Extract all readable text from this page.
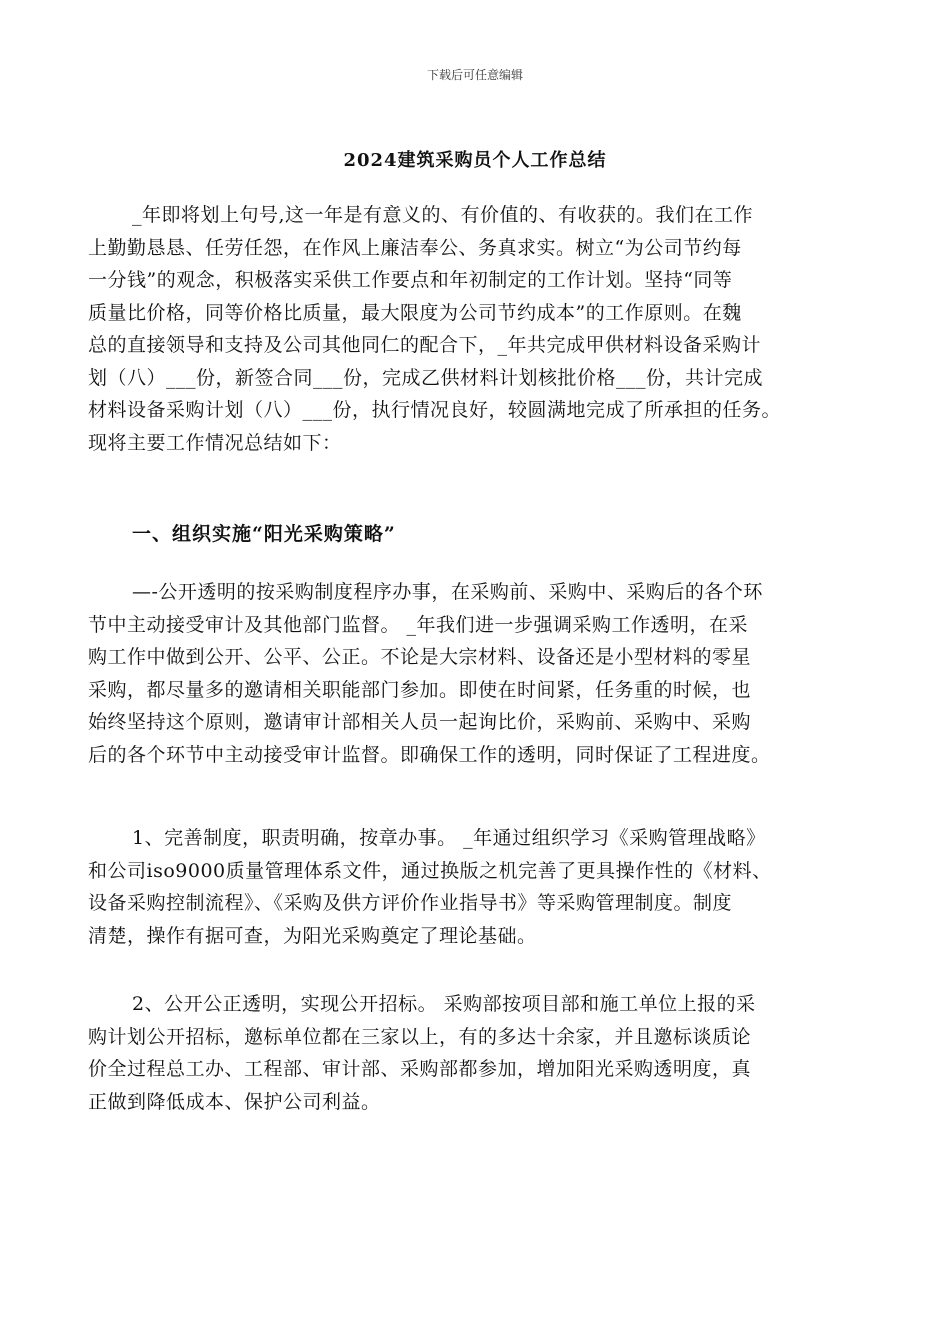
下载后可任意编辑
2024建筑采购员个人工作总结
_年即将划上句号,这一年是有意义的、有价值的、有收获的。我们在工作
上勤勤恳恳、任劳任怨，在作风上廉洁奉公、务真求实。树立“为公司节约每
一分钱”的观念，积极落实采供工作要点和年初制定的工作计划。坚持“同等
质量比价格，同等价格比质量，最大限度为公司节约成本”的工作原则。在魏
总的直接领导和支持及公司其他同仁的配合下，_年共完成甲供材料设备采购计
划（八）___份，新签合同___份，完成乙供材料计划核批价格___份，共计完成
材料设备采购计划（八）___份，执行情况良好，较圆满地完成了所承担的任务。
现将主要工作情况总结如下：
一、组织实施“阳光采购策略”
—-公开透明的按采购制度程序办事，在采购前、采购中、采购后的各个环
节中主动接受审计及其他部门监督。 _年我们进一步强调采购工作透明，在采
购工作中做到公开、公平、公正。不论是大宗材料、设备还是小型材料的零星
采购，都尽量多的邀请相关职能部门参加。即使在时间紧，任务重的时候，也
始终坚持这个原则，邀请审计部相关人员一起询比价，采购前、采购中、采购
后的各个环节中主动接受审计监督。即确保工作的透明，同时保证了工程进度。
1、完善制度，职责明确，按章办事。 _年通过组织学习《采购管理战略》
和公司iso9000质量管理体系文件，通过换版之机完善了更具操作性的《材料、
设备采购控制流程》、《采购及供方评价作业指导书》等采购管理制度。制度
清楚，操作有据可查，为阳光采购奠定了理论基础。
2、公开公正透明，实现公开招标。 采购部按项目部和施工单位上报的采
购计划公开招标，邀标单位都在三家以上，有的多达十余家，并且邀标谈质论
价全过程总工办、工程部、审计部、采购部都参加，增加阳光采购透明度，真
正做到降低成本、保护公司利益。
